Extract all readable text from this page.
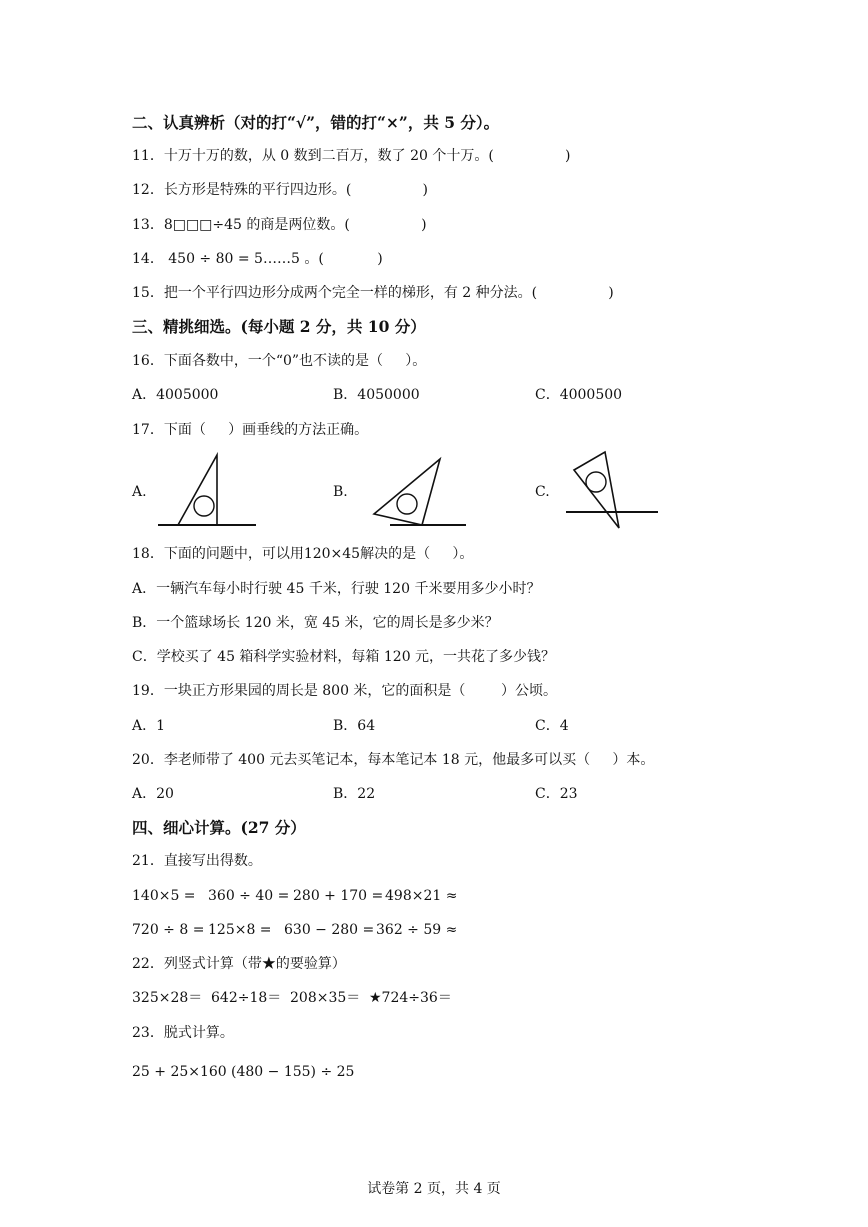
二、认真辨析（对的打“√”，错的打“×”，共 5 分）。
11．十万十万的数，从 0 数到二百万，数了 20 个十万。(                )
12．长方形是特殊的平行四边形。(                )
13．8□□□÷45 的商是两位数。(                )
14． 450 ÷ 80 = 5……5 。(            )
15．把一个平行四边形分成两个完全一样的梯形，有 2 种分法。(                )
三、精挑细选。(每小题 2 分，共 10 分）
16．下面各数中，一个“0”也不读的是（     ）。
A．4005000	B．4050000	C．4000500
17．下面（     ）画垂线的方法正确。
A.	B.	C.
18．下面的问题中，可以用120×45解决的是（     ）。
A．一辆汽车每小时行驶 45 千米，行驶 120 千米要用多少小时？
B．一个篮球场长 120 米，宽 45 米，它的周长是多少米？
C．学校买了 45 箱科学实验材料，每箱 120 元，一共花了多少钱？
19．一块正方形果园的周长是 800 米，它的面积是（        ）公顷。
A．1	B．64	C．4
20．李老师带了 400 元去买笔记本，每本笔记本 18 元，他最多可以买（     ）本。
A．20	B．22	C．23
四、细心计算。(27 分）
21．直接写出得数。
140×5 = 360 ÷ 40 = 280 + 170 = 498×21 ≈
720 ÷ 8 = 125×8 = 630 − 280 = 362 ÷ 59 ≈
22．列竖式计算（带★的要验算）
325×28＝ 642÷18＝ 208×35＝ ★724÷36＝
23．脱式计算。
25 + 25×160 (480 − 155) ÷ 25
试卷第 2 页，共 4 页
